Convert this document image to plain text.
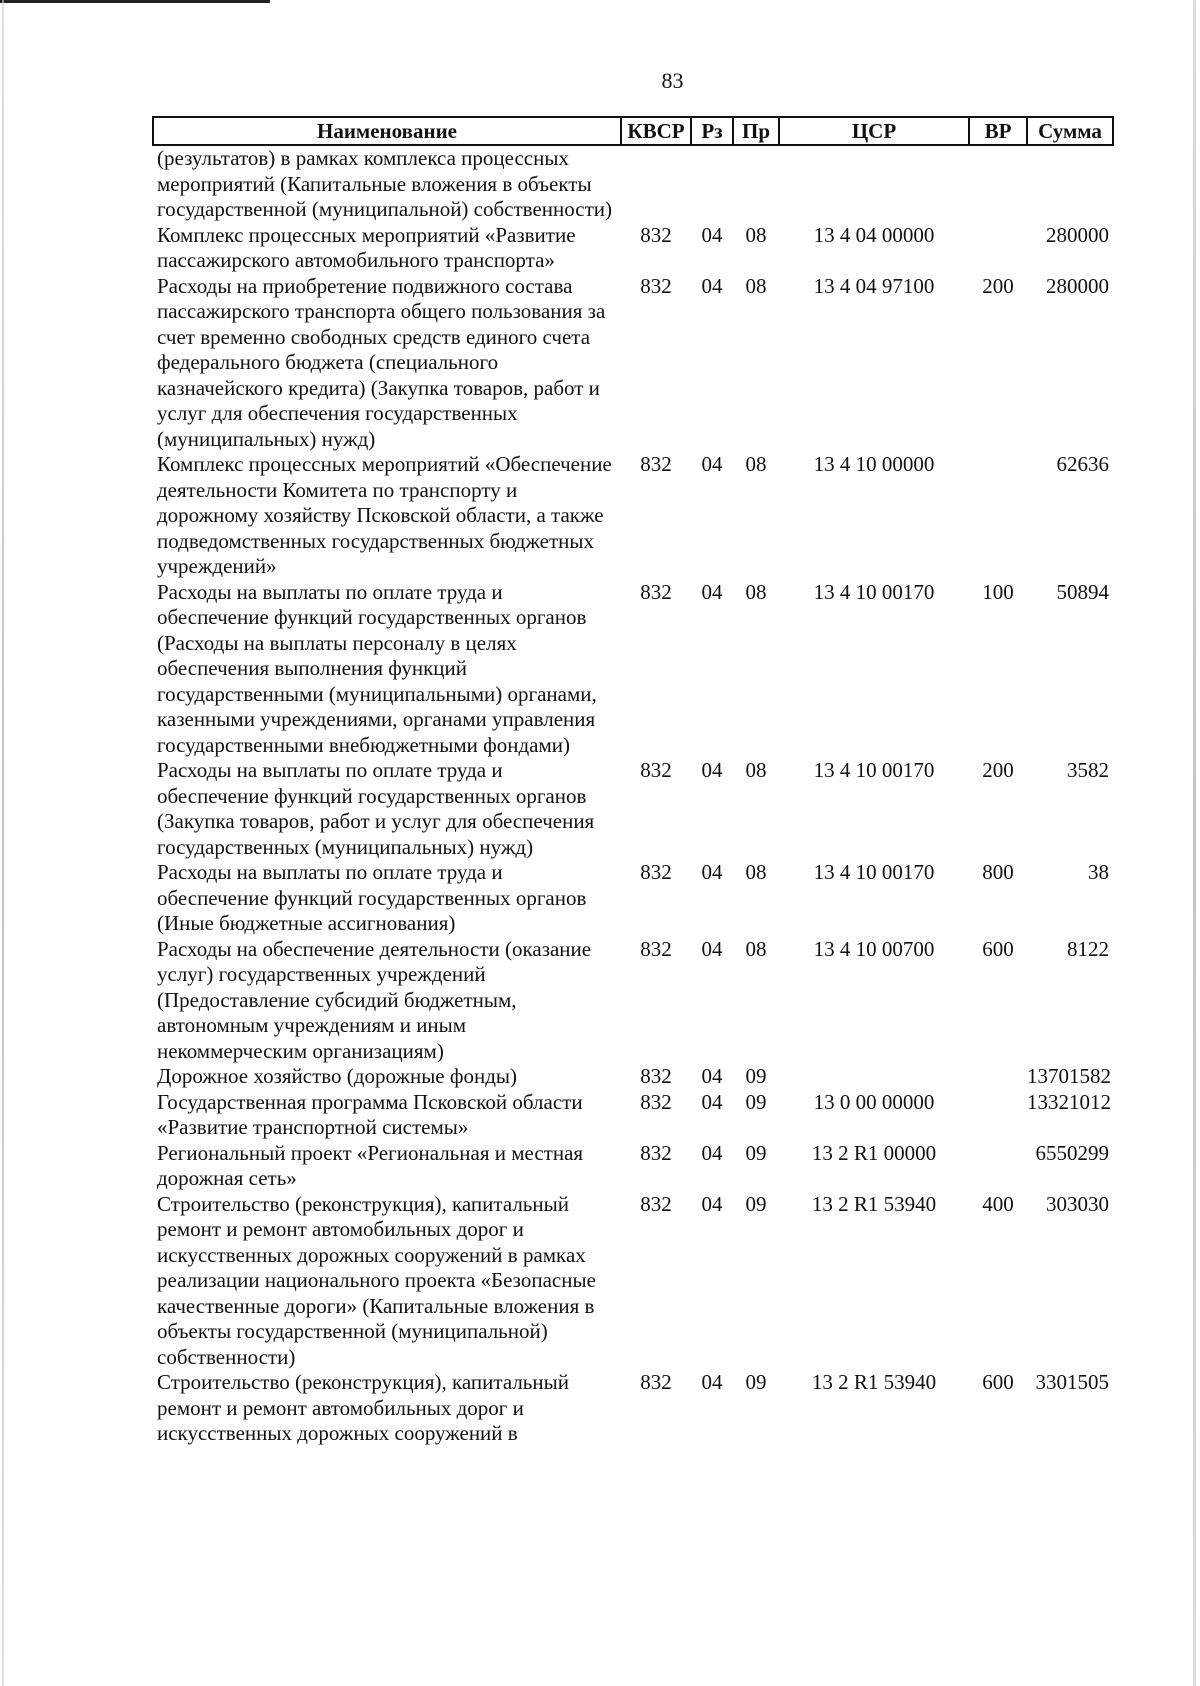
83
Наименование	КВСР	Рз	Пр	ЦСР	ВР	Сумма
(результатов) в рамках комплекса процессных мероприятий (Капитальные вложения в объекты государственной (муниципальной) собственности)						
Комплекс процессных мероприятий «Развитие пассажирского автомобильного транспорта»	832	04	08	13 4 04 00000		280000
Расходы на приобретение подвижного состава пассажирского транспорта общего пользования за счет временно свободных средств единого счета федерального бюджета (специального казначейского кредита) (Закупка товаров, работ и услуг для обеспечения государственных (муниципальных) нужд)	832	04	08	13 4 04 97100	200	280000
Комплекс процессных мероприятий «Обеспечение деятельности Комитета по транспорту и дорожному хозяйству Псковской области, а также подведомственных государственных бюджетных учреждений»	832	04	08	13 4 10 00000		62636
Расходы на выплаты по оплате труда и обеспечение функций государственных органов (Расходы на выплаты персоналу в целях обеспечения выполнения функций государственными (муниципальными) органами, казенными учреждениями, органами управления государственными внебюджетными фондами)	832	04	08	13 4 10 00170	100	50894
Расходы на выплаты по оплате труда и обеспечение функций государственных органов (Закупка товаров, работ и услуг для обеспечения государственных (муниципальных) нужд)	832	04	08	13 4 10 00170	200	3582
Расходы на выплаты по оплате труда и обеспечение функций государственных органов (Иные бюджетные ассигнования)	832	04	08	13 4 10 00170	800	38
Расходы на обеспечение деятельности (оказание услуг) государственных учреждений (Предоставление субсидий бюджетным, автономным учреждениям и иным некоммерческим организациям)	832	04	08	13 4 10 00700	600	8122
Дорожное хозяйство (дорожные фонды)	832	04	09			13701582
Государственная программа Псковской области «Развитие транспортной системы»	832	04	09	13 0 00 00000		13321012
Региональный проект «Региональная и местная дорожная сеть»	832	04	09	13 2 R1 00000		6550299
Строительство (реконструкция), капитальный ремонт и ремонт автомобильных дорог и искусственных дорожных сооружений в рамках реализации национального проекта «Безопасные качественные дороги» (Капитальные вложения в объекты государственной (муниципальной) собственности)	832	04	09	13 2 R1 53940	400	303030
Строительство (реконструкция), капитальный ремонт и ремонт автомобильных дорог и искусственных дорожных сооружений в	832	04	09	13 2 R1 53940	600	3301505
